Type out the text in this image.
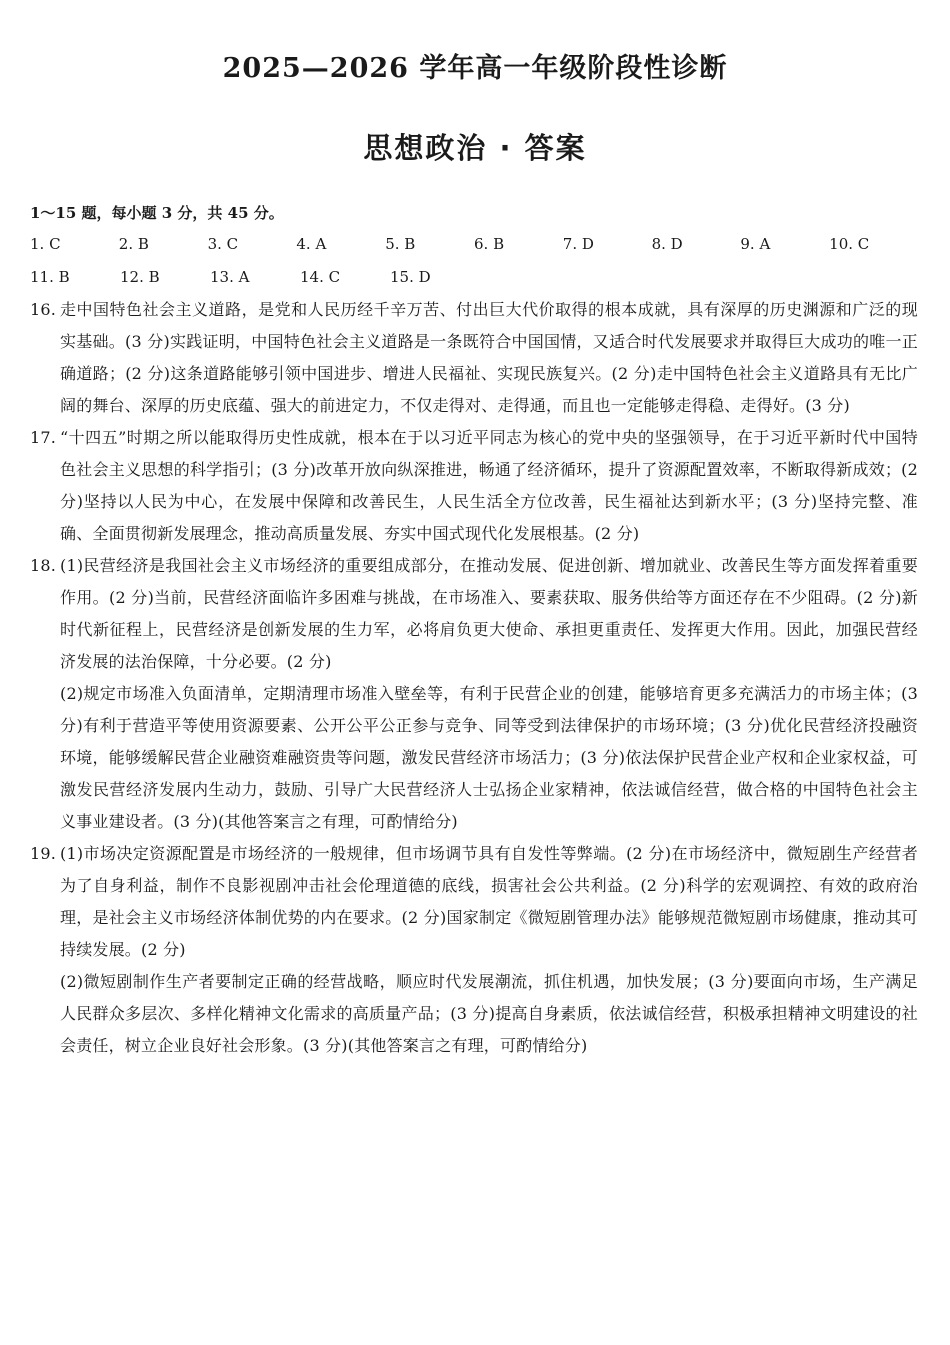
2025—2026 学年高一年级阶段性诊断
思想政治 · 答案
1～15 题，每小题 3 分，共 45 分。
1. C	2. B	3. C	4. A	5. B	6. B	7. D	8. D	9. A	10. C
11. B	12. B	13. A	14. C	15. D
16. 走中国特色社会主义道路，是党和人民历经千辛万苦、付出巨大代价取得的根本成就，具有深厚的历史渊源和广泛的现实基础。(3 分)实践证明，中国特色社会主义道路是一条既符合中国国情，又适合时代发展要求并取得巨大成功的唯一正确道路；(2 分)这条道路能够引领中国进步、增进人民福祉、实现民族复兴。(2 分)走中国特色社会主义道路具有无比广阔的舞台、深厚的历史底蕴、强大的前进定力，不仅走得对、走得通，而且也一定能够走得稳、走得好。(3 分)

17. “十四五”时期之所以能取得历史性成就，根本在于以习近平同志为核心的党中央的坚强领导，在于习近平新时代中国特色社会主义思想的科学指引；(3 分)改革开放向纵深推进，畅通了经济循环，提升了资源配置效率，不断取得新成效；(2 分)坚持以人民为中心，在发展中保障和改善民生，人民生活全方位改善，民生福祉达到新水平；(3 分)坚持完整、准确、全面贯彻新发展理念，推动高质量发展、夯实中国式现代化发展根基。(2 分)

18. (1)民营经济是我国社会主义市场经济的重要组成部分，在推动发展、促进创新、增加就业、改善民生等方面发挥着重要作用。(2 分)当前，民营经济面临许多困难与挑战，在市场准入、要素获取、服务供给等方面还存在不少阻碍。(2 分)新时代新征程上，民营经济是创新发展的生力军，必将肩负更大使命、承担更重责任、发挥更大作用。因此，加强民营经济发展的法治保障，十分必要。(2 分)

(2)规定市场准入负面清单，定期清理市场准入壁垒等，有利于民营企业的创建，能够培育更多充满活力的市场主体；(3 分)有利于营造平等使用资源要素、公开公平公正参与竞争、同等受到法律保护的市场环境；(3 分)优化民营经济投融资环境，能够缓解民营企业融资难融资贵等问题，激发民营经济市场活力；(3 分)依法保护民营企业产权和企业家权益，可激发民营经济发展内生动力，鼓励、引导广大民营经济人士弘扬企业家精神，依法诚信经营，做合格的中国特色社会主义事业建设者。(3 分)(其他答案言之有理，可酌情给分)

19. (1)市场决定资源配置是市场经济的一般规律，但市场调节具有自发性等弊端。(2 分)在市场经济中，微短剧生产经营者为了自身利益，制作不良影视剧冲击社会伦理道德的底线，损害社会公共利益。(2 分)科学的宏观调控、有效的政府治理，是社会主义市场经济体制优势的内在要求。(2 分)国家制定《微短剧管理办法》能够规范微短剧市场健康，推动其可持续发展。(2 分)

(2)微短剧制作生产者要制定正确的经营战略，顺应时代发展潮流，抓住机遇，加快发展；(3 分)要面向市场，生产满足人民群众多层次、多样化精神文化需求的高质量产品；(3 分)提高自身素质，依法诚信经营，积极承担精神文明建设的社会责任，树立企业良好社会形象。(3 分)(其他答案言之有理，可酌情给分)
